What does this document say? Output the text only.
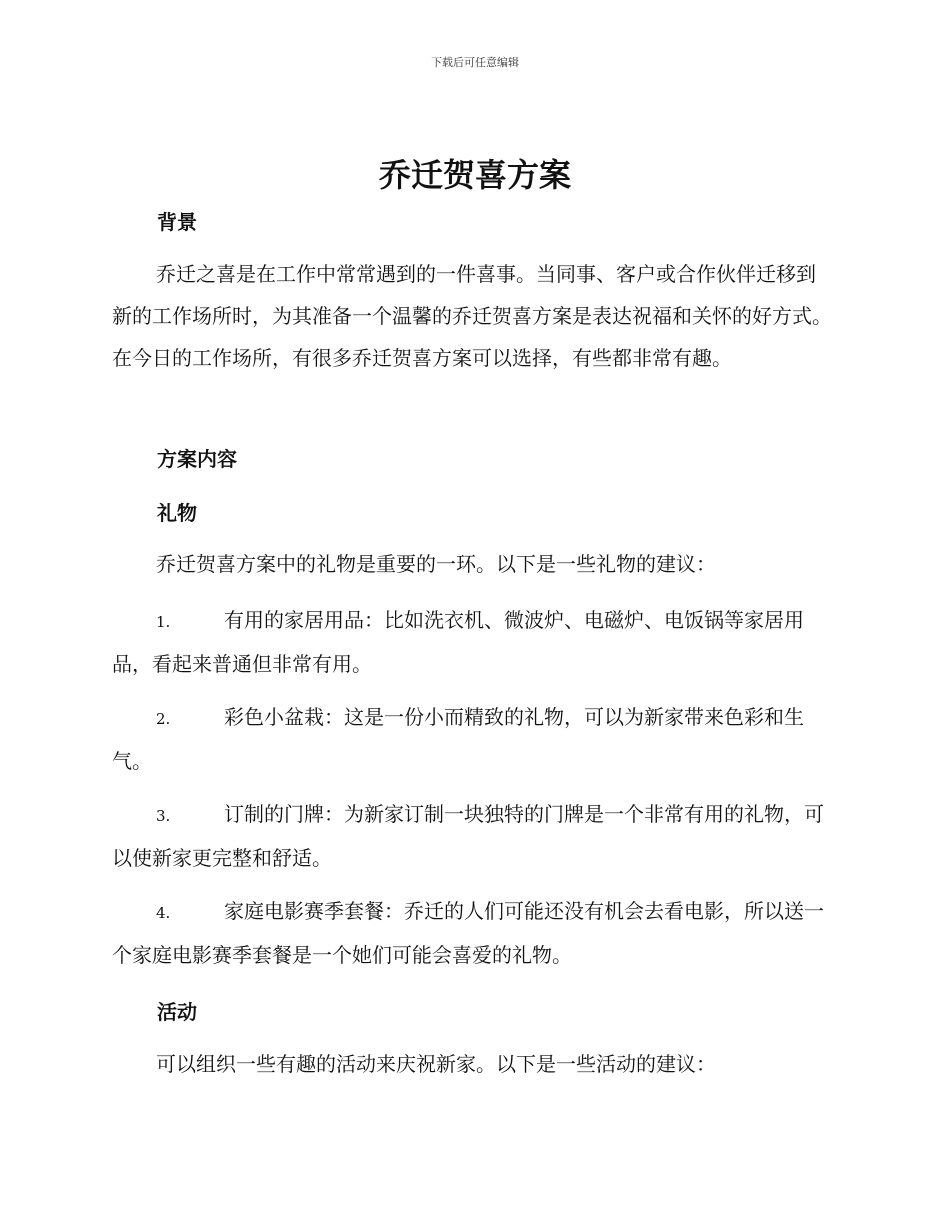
下载后可任意编辑
乔迁贺喜方案
背景

乔迁之喜是在工作中常常遇到的一件喜事。当同事、客户或合作伙伴迁移到新的工作场所时，为其准备一个温馨的乔迁贺喜方案是表达祝福和关怀的好方式。在今日的工作场所，有很多乔迁贺喜方案可以选择，有些都非常有趣。

方案内容
礼物

乔迁贺喜方案中的礼物是重要的一环。以下是一些礼物的建议：

1.	有用的家居用品：比如洗衣机、微波炉、电磁炉、电饭锅等家居用品，看起来普通但非常有用。

2.	彩色小盆栽：这是一份小而精致的礼物，可以为新家带来色彩和生气。

3.	订制的门牌：为新家订制一块独特的门牌是一个非常有用的礼物，可以使新家更完整和舒适。

4.	家庭电影赛季套餐：乔迁的人们可能还没有机会去看电影，所以送一个家庭电影赛季套餐是一个她们可能会喜爱的礼物。

活动

可以组织一些有趣的活动来庆祝新家。以下是一些活动的建议：
